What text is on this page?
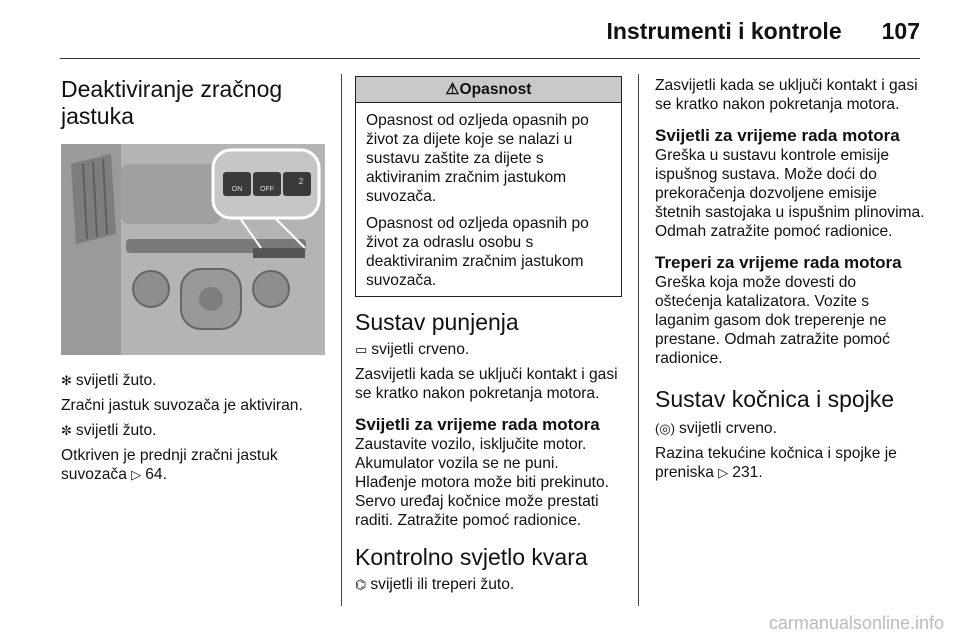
Instrumenti i kontrole 107
Deaktiviranje zračnog jastuka
ON	OFF
2

✻ svijetli žuto.

Zračni jastuk suvozača je aktiviran.

✼ svijetli žuto.

Otkriven je prednji zračni jastuk suvozača ▷ 64.

⚠Opasnost

Opasnost od ozljeda opasnih po život za dijete koje se nalazi u sustavu zaštite za dijete s aktiviranim zračnim jastukom suvozača.

Opasnost od ozljeda opasnih po život za odraslu osobu s deaktiviranim zračnim jastukom suvozača.

Sustav punjenja

▭ svijetli crveno.

Zasvijetli kada se uključi kontakt i gasi se kratko nakon pokretanja motora.

Svijetli za vrijeme rada motora

Zaustavite vozilo, isključite motor. Akumulator vozila se ne puni. Hlađenje motora može biti prekinuto. Servo uređaj kočnice može prestati raditi. Zatražite pomoć radionice.

Kontrolno svjetlo kvara

⌬ svijetli ili treperi žuto.

Zasvijetli kada se uključi kontakt i gasi se kratko nakon pokretanja motora.

Svijetli za vrijeme rada motora

Greška u sustavu kontrole emisije ispušnog sustava. Može doći do prekoračenja dozvoljene emisije štetnih sastojaka u ispušnim plinovima. Odmah zatražite pomoć radionice.

Treperi za vrijeme rada motora

Greška koja može dovesti do oštećenja katalizatora. Vozite s laganim gasom dok treperenje ne prestane. Odmah zatražite pomoć radionice.

Sustav kočnica i spojke

(◎) svijetli crveno.

Razina tekućine kočnica i spojke je preniska ▷ 231.

carmanualsonline.info
